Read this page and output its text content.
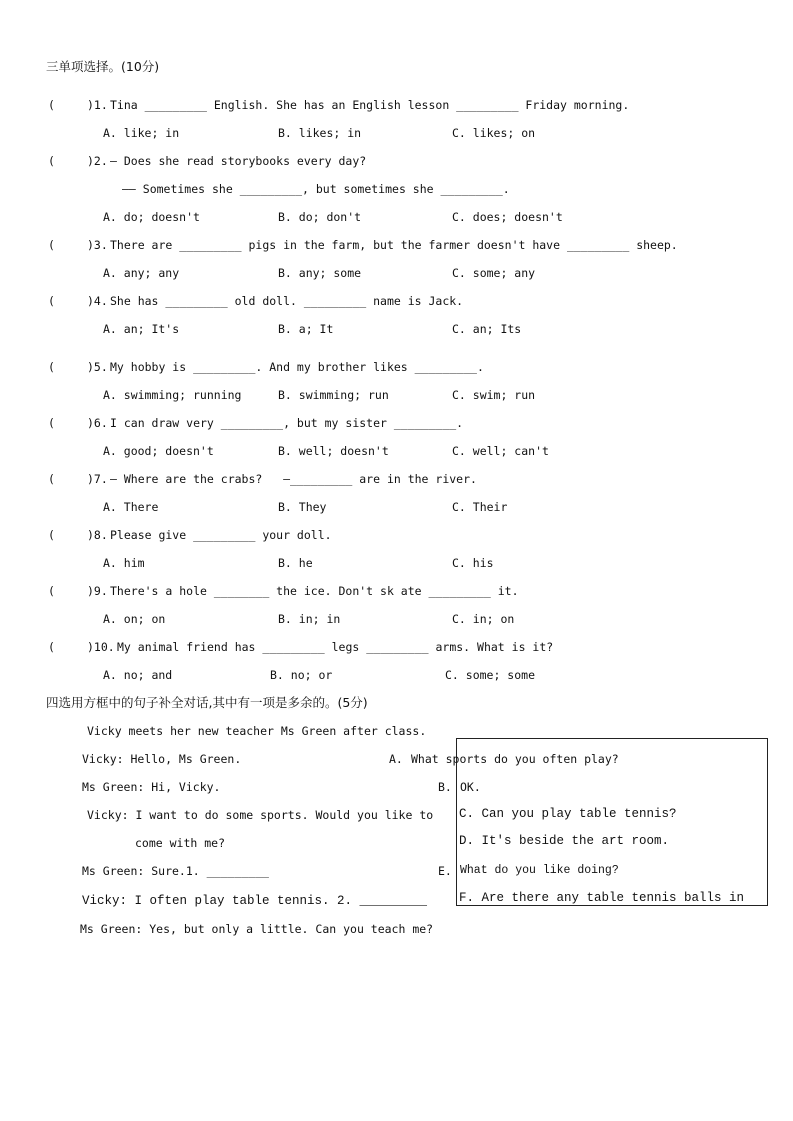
三单项选择。(10分)
(	)1. Tina _________ English. She has an English lesson _________ Friday morning.
A. like; in	B. likes; in	C. likes; on
(	)2. — Does she read storybooks every day?
—— Sometimes she _________, but sometimes she _________.
A. do; doesn't	B. do; don't	C. does; doesn't
(	)3. There are _________ pigs in the farm, but the farmer doesn't have _________ sheep.
A. any; any	B. any; some	C. some; any
(	)4. She has _________ old doll. _________ name is Jack.
A. an; It's	B. a; It	C. an; Its
(	)5. My hobby is _________. And my brother likes _________.
A. swimming; running	B. swimming; run	C. swim; run
(	)6. I can draw very _________, but my sister _________.
A. good; doesn't	B. well; doesn't	C. well; can't
(	)7. — Where are the crabs?   —_________ are in the river.
A. There	B. They	C. Their
(	)8. Please give _________ your doll.
A. him	B. he	C. his
(	)9. There's a hole ________ the ice. Don't sk ate _________ it.
A. on; on	B. in; in	C. in; on
(	)10. My animal friend has _________ legs _________ arms. What is it?
A. no; and	B. no; or	C. some; some
四选用方框中的句子补全对话,其中有一项是多余的。(5分)
Vicky meets her new teacher Ms Green after class.
Vicky: Hello, Ms Green.
Ms Green: Hi, Vicky.
Vicky: I want to do some sports. Would you like to
come with me?
Ms Green: Sure.1. _________
Vicky: I often play table tennis. 2. _________
Ms Green: Yes, but only a little. Can you teach me?
A. What sports do you often play?
B. OK.
C. Can you play table tennis?
D. It's beside the art room.
E. What do you like doing?
F. Are there any table tennis balls in
